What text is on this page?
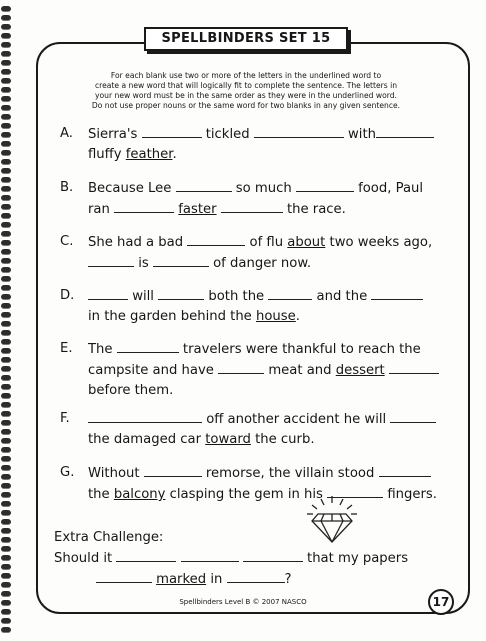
SPELLBINDERS SET 15
For each blank use two or more of the letters in the underlined word to
create a new word that will logically fit to complete the sentence. The letters in
your new word must be in the same order as they were in the underlined word.
Do not use proper nouns or the same word for two blanks in any given sentence.
A. Sierra's	tickled	with
fluffy feather.
B. Because Lee	so much	food, Paul
ran	faster	the race.
C. She had a bad	of flu about two weeks ago,
is	of danger now.
D.	will	both the	and the
in the garden behind the house.
E. The	travelers were thankful to reach the
campsite and have	meat and dessert
before them.
F.	off another accident he will
the damaged car toward the curb.
G. Without	remorse, the villain stood
the balcony clasping the gem in his	fingers.
Extra Challenge:
Should it	that my papers
marked in	?
Spellbinders Level B © 2007 NASCO	17
